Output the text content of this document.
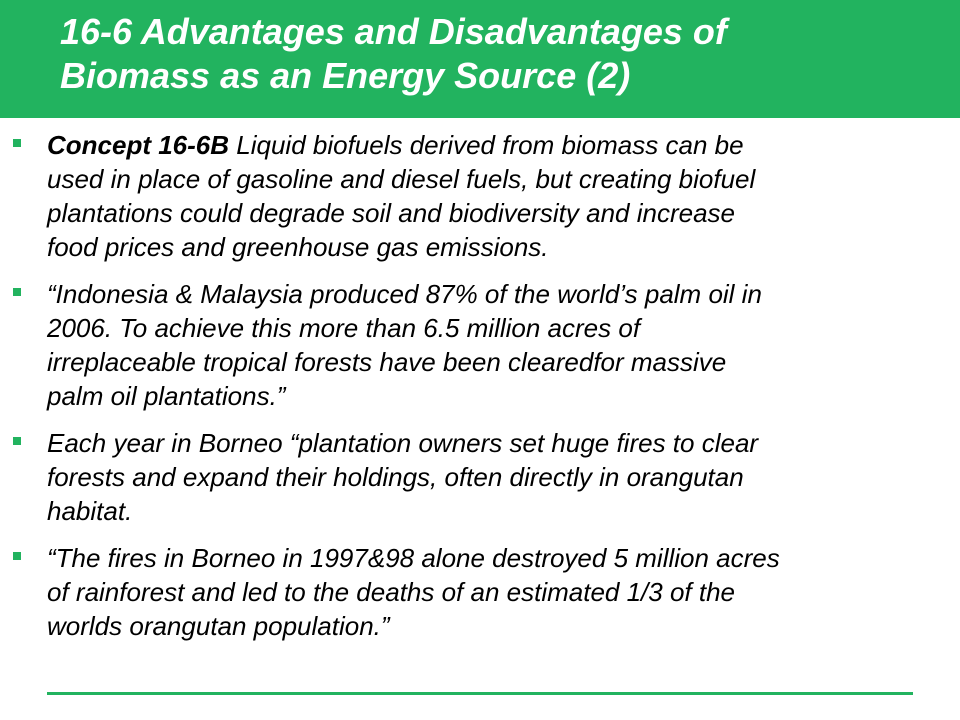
16-6 Advantages and Disadvantages of
Biomass as an Energy Source (2)
Concept 16-6B Liquid biofuels derived from biomass can be
used in place of gasoline and diesel fuels, but creating biofuel
plantations could degrade soil and biodiversity and increase
food prices and greenhouse gas emissions.
“Indonesia & Malaysia produced 87% of the world’s palm oil in
2006. To achieve this more than 6.5 million acres of
irreplaceable tropical forests have been clearedfor massive
palm oil plantations.”
Each year in Borneo “plantation owners set huge fires to clear
forests and expand their holdings, often directly in orangutan
habitat.
“The fires in Borneo in 1997&98 alone destroyed 5 million acres
of rainforest and led to the deaths of an estimated 1/3 of the
worlds orangutan population.”
